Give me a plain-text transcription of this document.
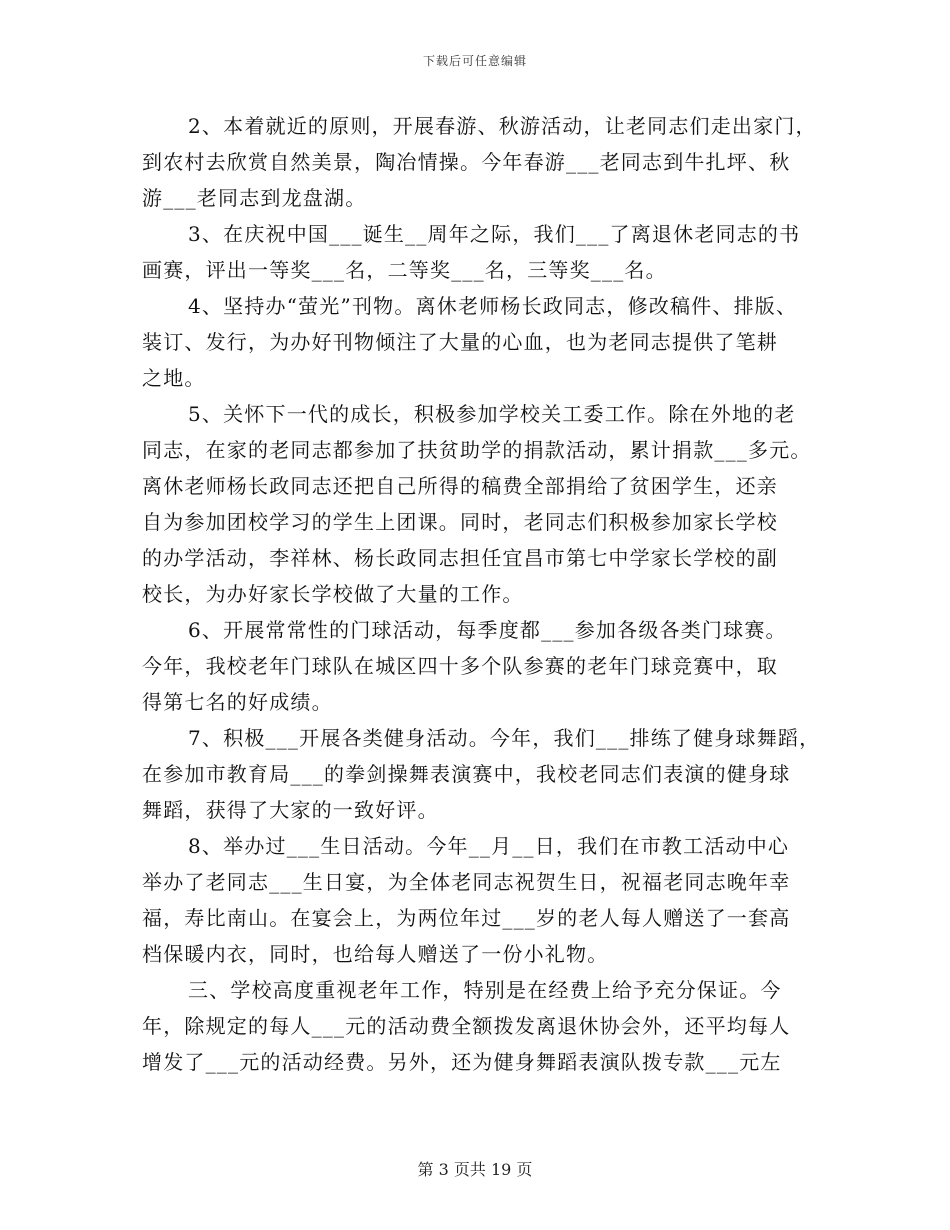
下载后可任意编辑
2、本着就近的原则，开展春游、秋游活动，让老同志们走出家门，
到农村去欣赏自然美景，陶冶情操。今年春游___老同志到牛扎坪、秋
游___老同志到龙盘湖。
3、在庆祝中国___诞生__周年之际，我们___了离退休老同志的书
画赛，评出一等奖___名，二等奖___名，三等奖___名。
4、坚持办“萤光”刊物。离休老师杨长政同志，修改稿件、排版、
装订、发行，为办好刊物倾注了大量的心血，也为老同志提供了笔耕
之地。
5、关怀下一代的成长，积极参加学校关工委工作。除在外地的老
同志，在家的老同志都参加了扶贫助学的捐款活动，累计捐款___多元。
离休老师杨长政同志还把自己所得的稿费全部捐给了贫困学生，还亲
自为参加团校学习的学生上团课。同时，老同志们积极参加家长学校
的办学活动，李祥林、杨长政同志担任宜昌市第七中学家长学校的副
校长，为办好家长学校做了大量的工作。
6、开展常常性的门球活动，每季度都___参加各级各类门球赛。
今年，我校老年门球队在城区四十多个队参赛的老年门球竞赛中，取
得第七名的好成绩。
7、积极___开展各类健身活动。今年，我们___排练了健身球舞蹈，
在参加市教育局___的拳剑操舞表演赛中，我校老同志们表演的健身球
舞蹈，获得了大家的一致好评。
8、举办过___生日活动。今年__月__日，我们在市教工活动中心
举办了老同志___生日宴，为全体老同志祝贺生日，祝福老同志晚年幸
福，寿比南山。在宴会上，为两位年过___岁的老人每人赠送了一套高
档保暖内衣，同时，也给每人赠送了一份小礼物。
三、学校高度重视老年工作，特别是在经费上给予充分保证。今
年，除规定的每人___元的活动费全额拨发离退休协会外，还平均每人
增发了___元的活动经费。另外，还为健身舞蹈表演队拨专款___元左
第 3 页共 19 页
